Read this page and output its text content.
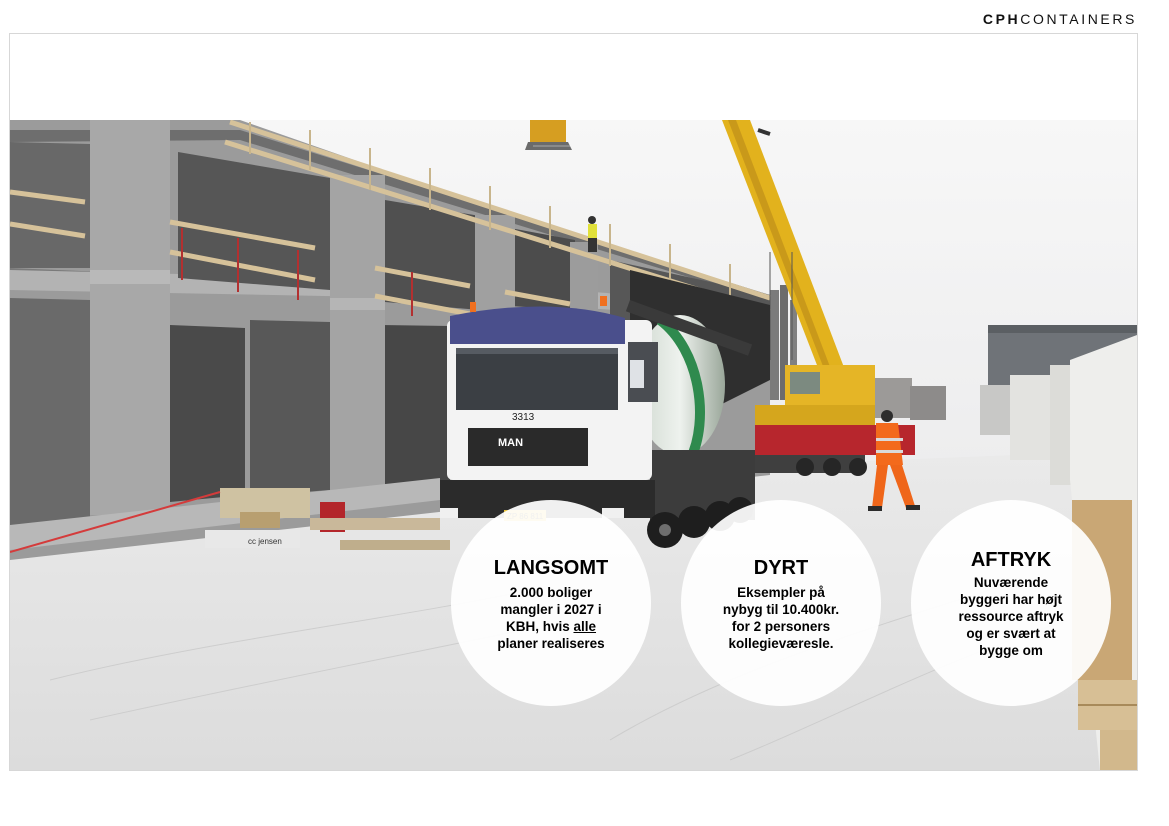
CPHCONTAINERS
cc jensen
MAN
3313
LANGSOMT

2.000 boliger
mangler i 2027 i
KBH, hvis alle
planer realiseres

DYRT

Eksempler på
nybyg til 10.400kr.
for 2 personers
kollegieværesle.

AFTRYK

Nuværende
byggeri har højt
ressource aftryk
og er svært at
bygge om
